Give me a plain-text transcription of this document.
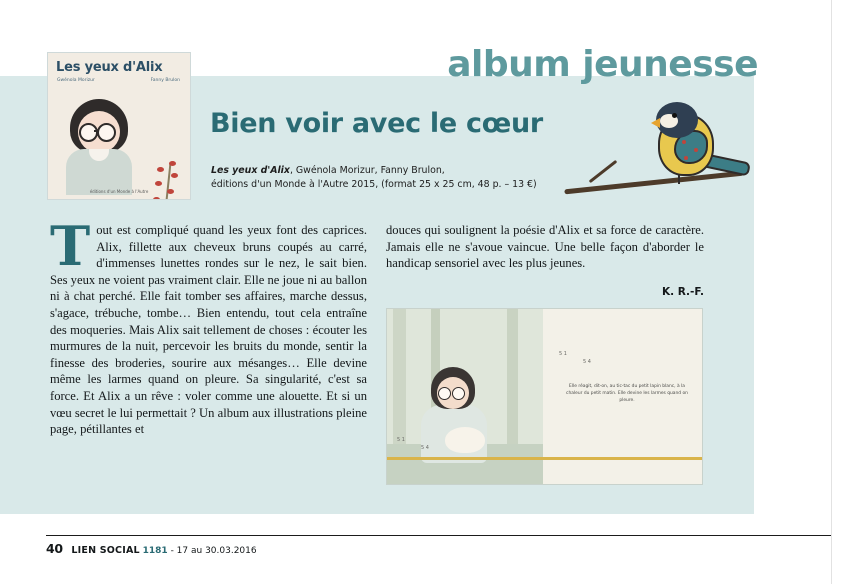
album jeunesse
Les yeux d'Alix
Gwénola Morizur	Fanny Brulon
éditions d'un Monde à l'Autre
Bien voir avec le cœur
Les yeux d'Alix, Gwénola Morizur, Fanny Brulon,
éditions d'un Monde à l'Autre 2015, (format 25 x 25 cm, 48 p. – 13 €)
Tout est compliqué quand les yeux font des caprices. Alix, fillette aux cheveux bruns coupés au carré, d'immenses lunettes rondes sur le nez, le sait bien. Ses yeux ne voient pas vraiment clair. Elle ne joue ni au ballon ni à chat perché. Elle fait tomber ses affaires, marche dessus, s'agace, trébuche, tombe… Bien entendu, tout cela entraîne des moqueries. Mais Alix sait tellement de choses : écouter les murmures de la nuit, percevoir les bruits du monde, sentir la finesse des broderies, sourire aux mésanges… Elle devine même les larmes quand on pleure. Sa singularité, c'est sa force. Et Alix a un rêve : voler comme une alouette. Et si un vœu secret le lui permettait ? Un album aux illustrations pleine page, pétillantes et
douces qui soulignent la poésie d'Alix et sa force de caractère. Jamais elle ne s'avoue vaincue. Une belle façon d'aborder le handicap sensoriel avec les plus jeunes.
K. R.-F.
Elle réagit, dit-on, au tic-tac du petit lapin blanc, à la chaleur du petit matin. Elle devine les larmes quand on pleure.
5 1
5 4
5 1
5 4
40 LIEN SOCIAL 1181 - 17 au 30.03.2016
